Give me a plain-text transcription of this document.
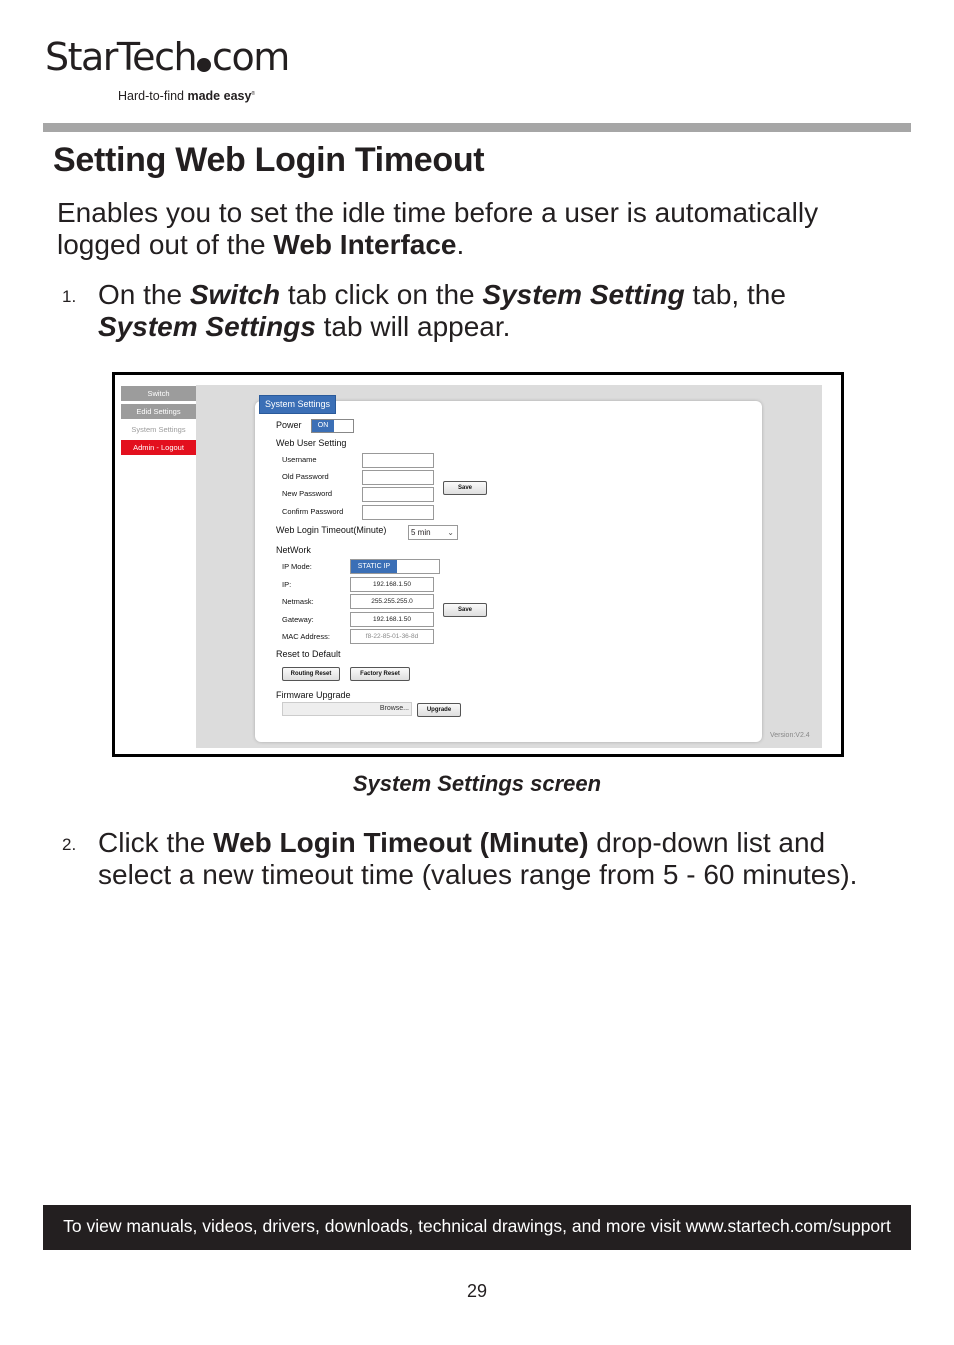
StarTech com
Hard-to-find made easy®
Setting Web Login Timeout
Enables you to set the idle time before a user is automatically logged out of the Web Interface.
1. On the Switch tab click on the System Setting tab, the System Settings tab will appear.
Switch
Edid Settings
System Settings
Admin - Logout
System Settings
Power	ON
Web User Setting
Username
Old Password
New Password
Confirm Password
Save
Web Login Timeout(Minute)	5 min ⌄
NetWork
IP Mode:	STATIC IP
IP:	192.168.1.50
Netmask:	255.255.255.0
Gateway:	192.168.1.50
MAC Address:	f8-22-85-01-36-8d
Save
Reset to Default
Routing Reset	Factory Reset
Firmware Upgrade
Browse...	Upgrade
Version:V2.4
System Settings screen
2. Click the Web Login Timeout (Minute) drop-down list and select a new timeout time (values range from 5 - 60 minutes).
To view manuals, videos, drivers, downloads, technical drawings, and more visit www.startech.com/support
29
